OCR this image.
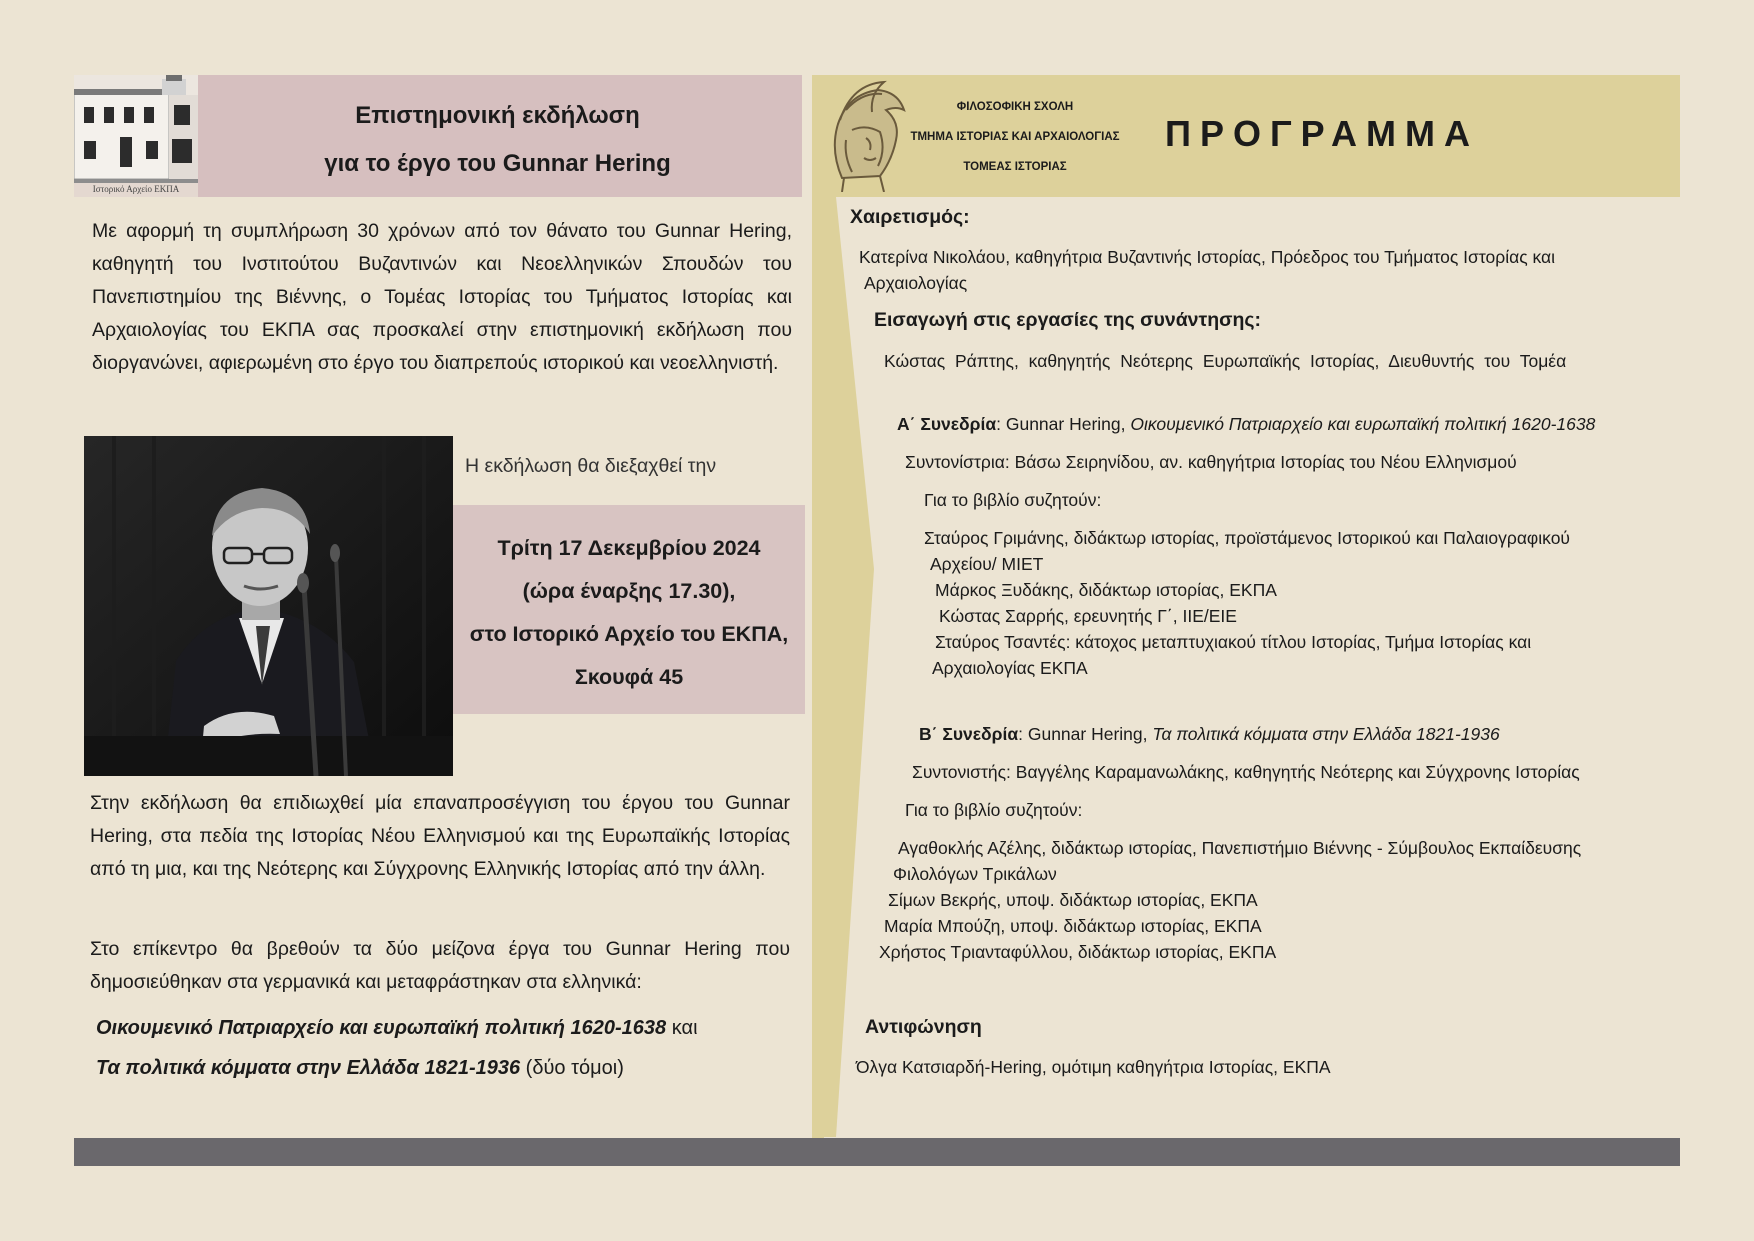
Ιστορικό Αρχείο ΕΚΠΑ
Επιστημονική εκδήλωση
για το έργο του Gunnar Hering
Με αφορμή τη συμπλήρωση 30 χρόνων από τον θάνατο του Gunnar Hering, καθηγητή του Ινστιτούτου Βυζαντινών και Νεοελληνικών Σπουδών του Πανεπιστημίου της Βιέννης, ο Τομέας Ιστορίας του Τμήματος Ιστορίας και Αρχαιολογίας του ΕΚΠΑ σας προσκαλεί στην επιστημονική εκδήλωση που διοργανώνει, αφιερωμένη στο έργο του διαπρεπούς ιστορικού και νεοελληνιστή.
Η εκδήλωση θα διεξαχθεί την
Τρίτη 17 Δεκεμβρίου 2024
(ώρα έναρξης 17.30),
στο Ιστορικό Αρχείο του ΕΚΠΑ,
Σκουφά 45
Στην εκδήλωση θα επιδιωχθεί μία επαναπροσέγγιση του έργου του Gunnar Hering, στα πεδία της Ιστορίας Νέου Ελληνισμού και της Ευρωπαϊκής Ιστορίας από τη μια, και της Νεότερης και Σύγχρονης Ελληνικής Ιστορίας από την άλλη.
Στο επίκεντρο θα βρεθούν τα δύο μείζονα έργα του Gunnar Hering που δημοσιεύθηκαν στα γερμανικά και μεταφράστηκαν στα ελληνικά:
Οικουμενικό Πατριαρχείο και ευρωπαϊκή πολιτική 1620-1638 και
Τα πολιτικά κόμματα στην Ελλάδα 1821-1936 (δύο τόμοι)
ΦΙΛΟΣΟΦΙΚΗ ΣΧΟΛΗ
ΤΜΗΜΑ ΙΣΤΟΡΙΑΣ ΚΑΙ ΑΡΧΑΙΟΛΟΓΙΑΣ
ΤΟΜΕΑΣ ΙΣΤΟΡΙΑΣ
ΠΡΟΓΡΑΜΜΑ
Χαιρετισμός:
Κατερίνα Νικολάου, καθηγήτρια Βυζαντινής Ιστορίας, Πρόεδρος του Τμήματος Ιστορίας και
Αρχαιολογίας
Εισαγωγή στις εργασίες της συνάντησης:
Κώστας Ράπτης, καθηγητής Νεότερης Ευρωπαϊκής Ιστορίας, Διευθυντής του Τομέα
Α΄ Συνεδρία: Gunnar Hering, Οικουμενικό Πατριαρχείο και ευρωπαϊκή πολιτική 1620-1638
Συντονίστρια: Βάσω Σειρηνίδου, αν. καθηγήτρια Ιστορίας του Νέου Ελληνισμού
Για το βιβλίο συζητούν:
Σταύρος Γριμάνης, διδάκτωρ ιστορίας, προϊστάμενος Ιστορικού και Παλαιογραφικού
Αρχείου/ ΜΙΕΤ
Μάρκος Ξυδάκης, διδάκτωρ ιστορίας, ΕΚΠΑ
Κώστας Σαρρής, ερευνητής Γ΄, ΙΙΕ/ΕΙΕ
Σταύρος Τσαντές: κάτοχος μεταπτυχιακού τίτλου Ιστορίας, Τμήμα Ιστορίας και
Αρχαιολογίας ΕΚΠΑ
Β΄ Συνεδρία: Gunnar Hering, Τα πολιτικά κόμματα στην Ελλάδα 1821-1936
Συντονιστής: Βαγγέλης Καραμανωλάκης, καθηγητής Νεότερης και Σύγχρονης Ιστορίας
Για το βιβλίο συζητούν:
Αγαθοκλής Αζέλης, διδάκτωρ ιστορίας, Πανεπιστήμιο Βιέννης - Σύμβουλος Εκπαίδευσης
Φιλολόγων Τρικάλων
Σίμων Βεκρής, υποψ. διδάκτωρ ιστορίας, ΕΚΠΑ
Μαρία Μπούζη, υποψ. διδάκτωρ ιστορίας, ΕΚΠΑ
Χρήστος Τριανταφύλλου, διδάκτωρ ιστορίας, ΕΚΠΑ
Αντιφώνηση
Όλγα Κατσιαρδή-Hering, ομότιμη καθηγήτρια Ιστορίας, ΕΚΠΑ
